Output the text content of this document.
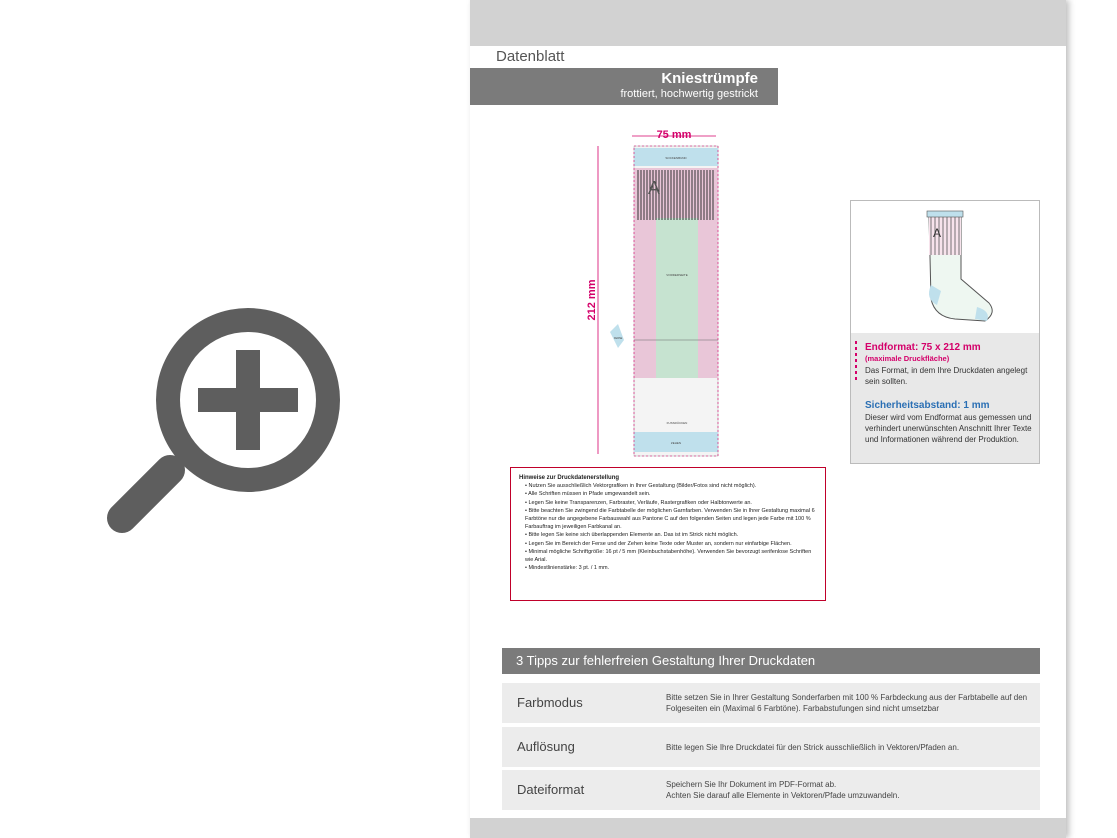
Datenblatt
Kniestrümpfe
frottiert, hochwertig gestrickt
75 mm
212 mm
SOCKENBUND
A
VORDERSEITE
FERSE
FUSSRÜCKEN
ZEHEN
A
Endformat: 75 x 212 mm
(maximale Druckfläche)
Das Format, in dem Ihre Druckdaten angelegt sein sollten.
Sicherheitsabstand: 1 mm
Dieser wird vom Endformat aus gemessen und verhindert unerwünschten Anschnitt Ihrer Texte und Informationen während der Produktion.
Hinweise zur Druckdatenerstellung
• Nutzen Sie ausschließlich Vektorgrafiken in Ihrer Gestaltung (Bilder/Fotos sind nicht möglich).
• Alle Schriften müssen in Pfade umgewandelt sein.
• Legen Sie keine Transparenzen, Farbraster, Verläufe, Rastergrafiken oder Halbtonwerte an.
• Bitte beachten Sie zwingend die Farbtabelle der möglichen Garnfarben. Verwenden Sie in Ihrer Gestaltung maximal 6 Farbtöne nur die angegebene Farbauswahl aus Pantone C auf den folgenden Seiten und legen jede Farbe mit 100 % Farbauftrag im jeweiligen Farbkanal an.
• Bitte legen Sie keine sich überlappenden Elemente an. Das ist im Strick nicht möglich.
• Legen Sie im Bereich der Ferse und der Zehen keine Texte oder Muster an, sondern nur einfarbige Flächen.
• Minimal mögliche Schriftgröße: 16 pt / 5 mm (Kleinbuchstabenhöhe). Verwenden Sie bevorzugt serifenlose Schriften wie Arial.
• Mindestlinienstärke: 3 pt. / 1 mm.
3 Tipps zur fehlerfreien Gestaltung Ihrer Druckdaten
Farbmodus	Bitte setzen Sie in Ihrer Gestaltung Sonderfarben mit 100 % Farbdeckung aus der Farbtabelle auf den Folgeseiten ein (Maximal 6 Farbtöne). Farbabstufungen sind nicht umsetzbar
Auflösung	Bitte legen Sie Ihre Druckdatei für den Strick ausschließlich in Vektoren/Pfaden an.
Dateiformat	Speichern Sie Ihr Dokument im PDF-Format ab.
Achten Sie darauf alle Elemente in Vektoren/Pfade umzuwandeln.
